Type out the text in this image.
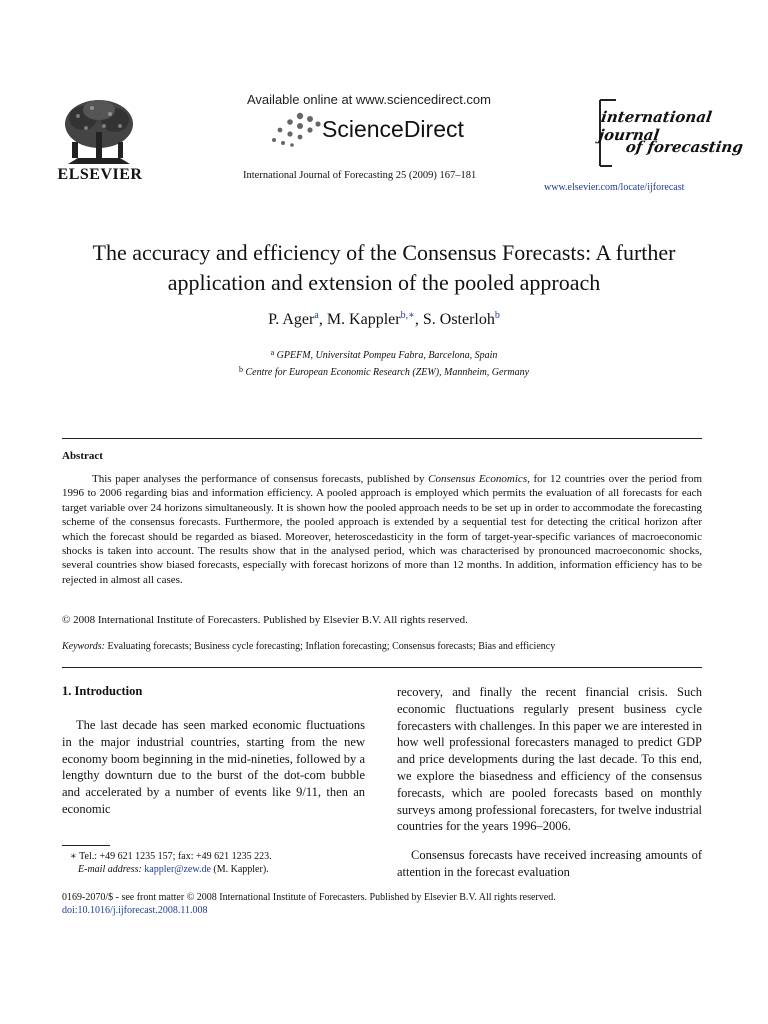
ELSEVIER
Available online at www.sciencedirect.com
ScienceDirect
International Journal of Forecasting 25 (2009) 167–181
international journal
of forecasting
www.elsevier.com/locate/ijforecast
The accuracy and efficiency of the Consensus Forecasts: A further
application and extension of the pooled approach
P. Ager$^a$, M. Kappler$^{b,∗}$, S. Osterloh$^b$
$^a$ GPEFM, Universitat Pompeu Fabra, Barcelona, Spain
$^b$ Centre for European Economic Research (ZEW), Mannheim, Germany
Abstract
This paper analyses the performance of consensus forecasts, published by Consensus Economics, for 12 countries over the period from 1996 to 2006 regarding bias and information efficiency. A pooled approach is employed which permits the evaluation of all forecasts for each target variable over 24 horizons simultaneously. It is shown how the pooled approach needs to be set up in order to accommodate the forecasting scheme of the consensus forecasts. Furthermore, the pooled approach is extended by a sequential test for detecting the critical horizon after which the forecast should be regarded as biased. Moreover, heteroscedasticity in the form of target-year-specific variances of macroeconomic shocks is taken into account. The results show that in the analysed period, which was characterised by pronounced macroeconomic shocks, several countries show biased forecasts, especially with forecast horizons of more than 12 months. In addition, information efficiency has to be rejected in almost all cases.
© 2008 International Institute of Forecasters. Published by Elsevier B.V. All rights reserved.
Keywords: Evaluating forecasts; Business cycle forecasting; Inflation forecasting; Consensus forecasts; Bias and efficiency
1. Introduction
The last decade has seen marked economic fluctuations in the major industrial countries, starting from the new economy boom beginning in the mid-nineties, followed by a lengthy downturn due to the burst of the dot-com bubble and accelerated by a number of events like 9/11, then an economic
recovery, and finally the recent financial crisis. Such economic fluctuations regularly present business cycle forecasters with challenges. In this paper we are interested in how well professional forecasters managed to predict GDP and price developments during the last decade. To this end, we explore the biasedness and efficiency of the consensus forecasts, which are pooled forecasts based on monthly surveys among professional forecasters, for twelve industrial countries for the years 1996–2006.
Consensus forecasts have received increasing amounts of attention in the forecast evaluation
∗ Tel.: +49 621 1235 157; fax: +49 621 1235 223.
E-mail address: kappler@zew.de (M. Kappler).
0169-2070/$ - see front matter © 2008 International Institute of Forecasters. Published by Elsevier B.V. All rights reserved.
doi:10.1016/j.ijforecast.2008.11.008
